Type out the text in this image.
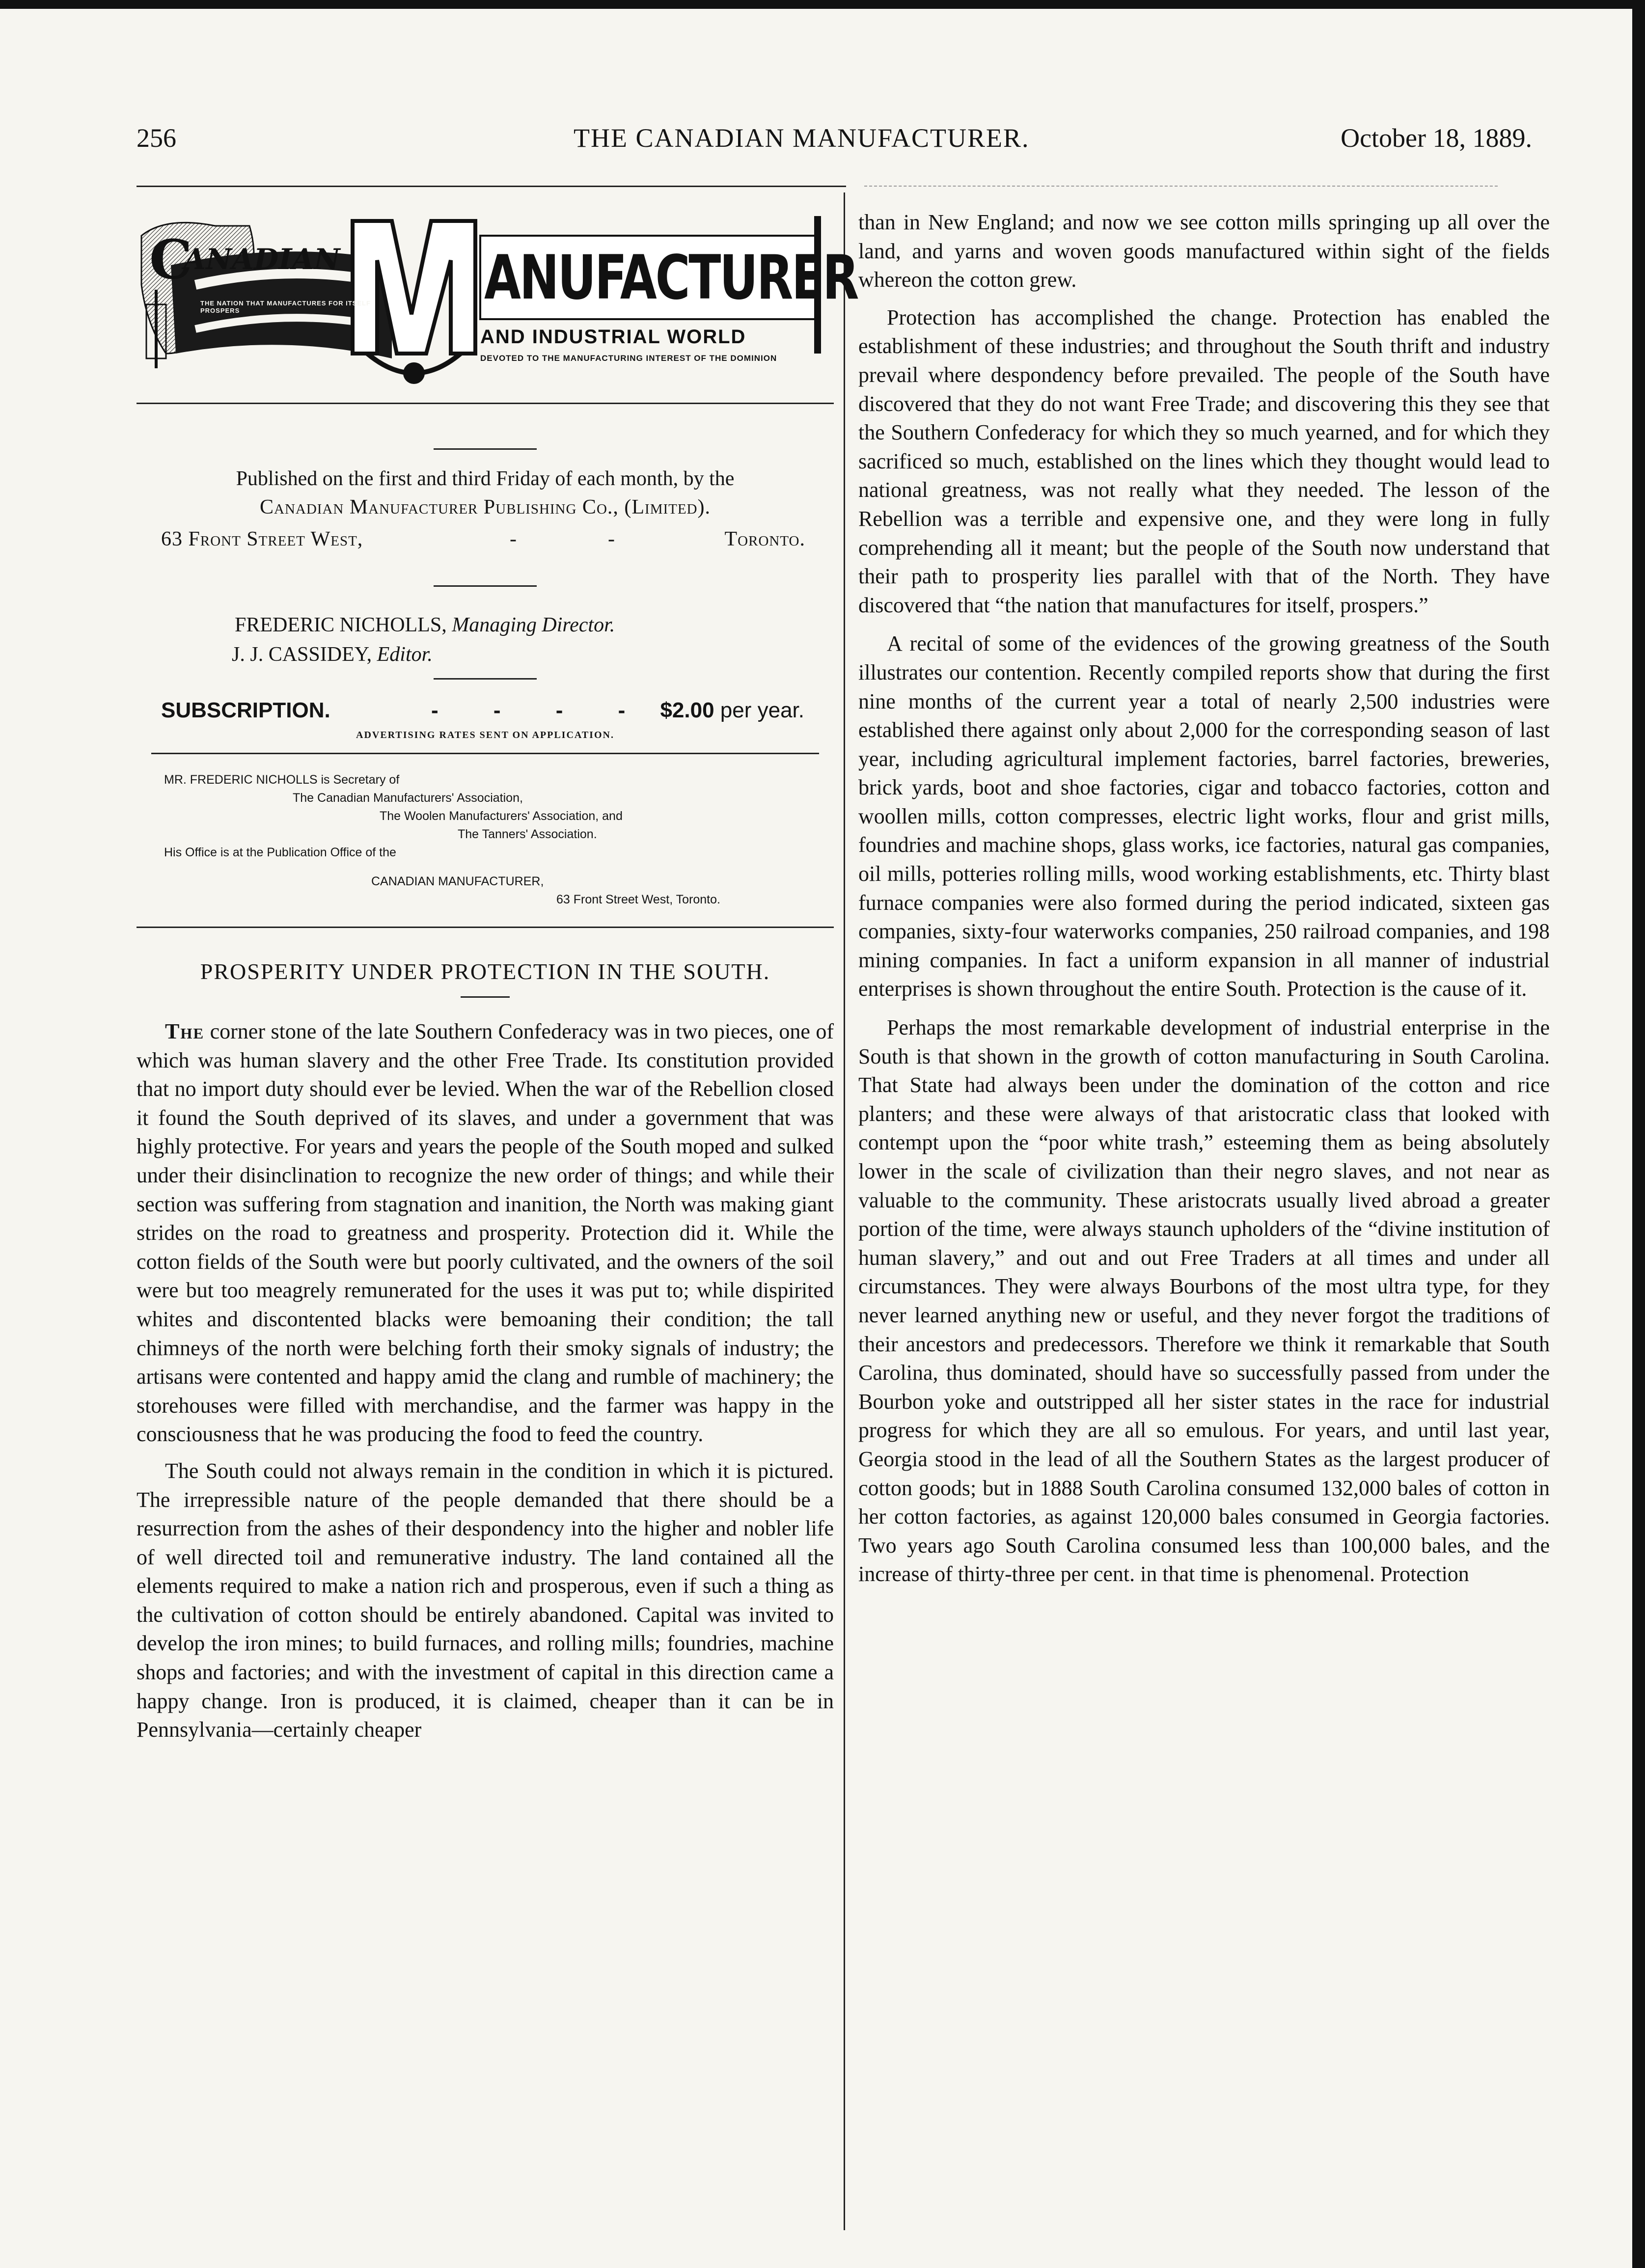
256	THE CANADIAN MANUFACTURER.	October 18, 1889.
C
ANADIAN ANUFACTURER
THE NATION THAT MANUFACTURES FOR ITSELF PROSPERS
AND INDUSTRIAL WORLD
DEVOTED TO THE MANUFACTURING INTEREST OF THE DOMINION
Published on the first and third Friday of each month, by the
Canadian Manufacturer Publishing Co., (Limited).
63 Front Street West,	-	-	Toronto.
FREDERIC NICHOLLS, Managing Director.
J. J. CASSIDEY, Editor.
SUBSCRIPTION.	- - - - $2.00 per year.
ADVERTISING RATES SENT ON APPLICATION.
MR. FREDERIC NICHOLLS is Secretary of
The Canadian Manufacturers' Association,
The Woolen Manufacturers' Association, and
The Tanners' Association.
His Office is at the Publication Office of the
CANADIAN MANUFACTURER,
63 Front Street West, Toronto.
PROSPERITY UNDER PROTECTION IN THE SOUTH.

The corner stone of the late Southern Confederacy was in two pieces, one of which was human slavery and the other Free Trade. Its constitution provided that no import duty should ever be levied. When the war of the Rebellion closed it found the South deprived of its slaves, and under a government that was highly protective. For years and years the people of the South moped and sulked under their disinclination to recognize the new order of things; and while their section was suffering from stagnation and inanition, the North was making giant strides on the road to greatness and prosperity. Protection did it. While the cotton fields of the South were but poorly cultivated, and the owners of the soil were but too meagrely remunerated for the uses it was put to; while dispirited whites and discontented blacks were bemoaning their condition; the tall chimneys of the north were belching forth their smoky signals of industry; the artisans were contented and happy amid the clang and rumble of machinery; the storehouses were filled with merchandise, and the farmer was happy in the consciousness that he was producing the food to feed the country.

The South could not always remain in the condition in which it is pictured. The irrepressible nature of the people demanded that there should be a resurrection from the ashes of their despondency into the higher and nobler life of well directed toil and remunerative industry. The land contained all the elements required to make a nation rich and prosperous, even if such a thing as the cultivation of cotton should be entirely abandoned. Capital was invited to develop the iron mines; to build furnaces, and rolling mills; foundries, machine shops and factories; and with the investment of capital in this direction came a happy change. Iron is produced, it is claimed, cheaper than it can be in Pennsylvania—certainly cheaper

than in New England; and now we see cotton mills springing up all over the land, and yarns and woven goods manufactured within sight of the fields whereon the cotton grew.

Protection has accomplished the change. Protection has enabled the establishment of these industries; and throughout the South thrift and industry prevail where despondency before prevailed. The people of the South have discovered that they do not want Free Trade; and discovering this they see that the Southern Confederacy for which they so much yearned, and for which they sacrificed so much, established on the lines which they thought would lead to national greatness, was not really what they needed. The lesson of the Rebellion was a terrible and expensive one, and they were long in fully comprehending all it meant; but the people of the South now understand that their path to prosperity lies parallel with that of the North. They have discovered that “the nation that manufactures for itself, prospers.”

A recital of some of the evidences of the growing greatness of the South illustrates our contention. Recently compiled reports show that during the first nine months of the current year a total of nearly 2,500 industries were established there against only about 2,000 for the corresponding season of last year, including agricultural implement factories, barrel factories, breweries, brick yards, boot and shoe factories, cigar and tobacco factories, cotton and woollen mills, cotton compresses, electric light works, flour and grist mills, foundries and machine shops, glass works, ice factories, natural gas companies, oil mills, potteries rolling mills, wood working establishments, etc. Thirty blast furnace companies were also formed during the period indicated, sixteen gas companies, sixty-four waterworks companies, 250 railroad companies, and 198 mining companies. In fact a uniform expansion in all manner of industrial enterprises is shown throughout the entire South. Protection is the cause of it.

Perhaps the most remarkable development of industrial enterprise in the South is that shown in the growth of cotton manufacturing in South Carolina. That State had always been under the domination of the cotton and rice planters; and these were always of that aristocratic class that looked with contempt upon the “poor white trash,” esteeming them as being absolutely lower in the scale of civilization than their negro slaves, and not near as valuable to the community. These aristocrats usually lived abroad a greater portion of the time, were always staunch upholders of the “divine institution of human slavery,” and out and out Free Traders at all times and under all circumstances. They were always Bourbons of the most ultra type, for they never learned anything new or useful, and they never forgot the traditions of their ancestors and predecessors. Therefore we think it remarkable that South Carolina, thus dominated, should have so successfully passed from under the Bourbon yoke and outstripped all her sister states in the race for industrial progress for which they are all so emulous. For years, and until last year, Georgia stood in the lead of all the Southern States as the largest producer of cotton goods; but in 1888 South Carolina consumed 132,000 bales of cotton in her cotton factories, as against 120,000 bales consumed in Georgia factories. Two years ago South Carolina consumed less than 100,000 bales, and the increase of thirty-three per cent. in that time is phenomenal. Protection
